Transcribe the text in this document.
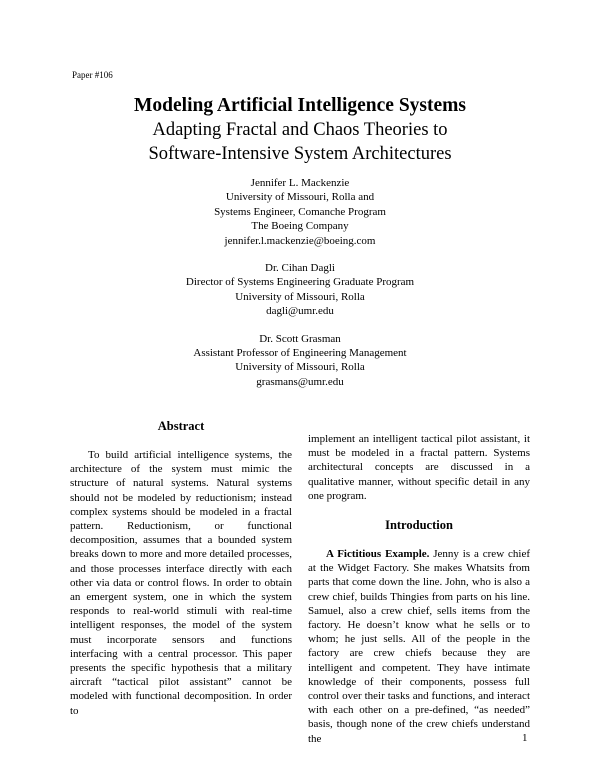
Paper #106
Modeling Artificial Intelligence Systems
Adapting Fractal and Chaos Theories to
Software-Intensive System Architectures
Jennifer L. Mackenzie
University of Missouri, Rolla and
Systems Engineer, Comanche Program
The Boeing Company
jennifer.l.mackenzie@boeing.com
Dr. Cihan Dagli
Director of Systems Engineering Graduate Program
University of Missouri, Rolla
dagli@umr.edu
Dr. Scott Grasman
Assistant Professor of Engineering Management
University of Missouri, Rolla
grasmans@umr.edu
Abstract

To build artificial intelligence systems, the architecture of the system must mimic the structure of natural systems. Natural systems should not be modeled by reductionism; instead complex systems should be modeled in a fractal pattern. Reductionism, or functional decomposition, assumes that a bounded system breaks down to more and more detailed processes, and those processes interface directly with each other via data or control flows. In order to obtain an emergent system, one in which the system responds to real-world stimuli with real-time intelligent responses, the model of the system must incorporate sensors and functions interfacing with a central processor. This paper presents the specific hypothesis that a military aircraft “tactical pilot assistant” cannot be modeled with functional decomposition. In order to

implement an intelligent tactical pilot assistant, it must be modeled in a fractal pattern. Systems architectural concepts are discussed in a qualitative manner, without specific detail in any one program.

Introduction

A Fictitious Example. Jenny is a crew chief at the Widget Factory. She makes Whatsits from parts that come down the line. John, who is also a crew chief, builds Thingies from parts on his line. Samuel, also a crew chief, sells items from the factory. He doesn’t know what he sells or to whom; he just sells. All of the people in the factory are crew chiefs because they are intelligent and competent. They have intimate knowledge of their components, possess full control over their tasks and functions, and interact with each other on a pre-defined, “as needed” basis, though none of the crew chiefs understand the	1
